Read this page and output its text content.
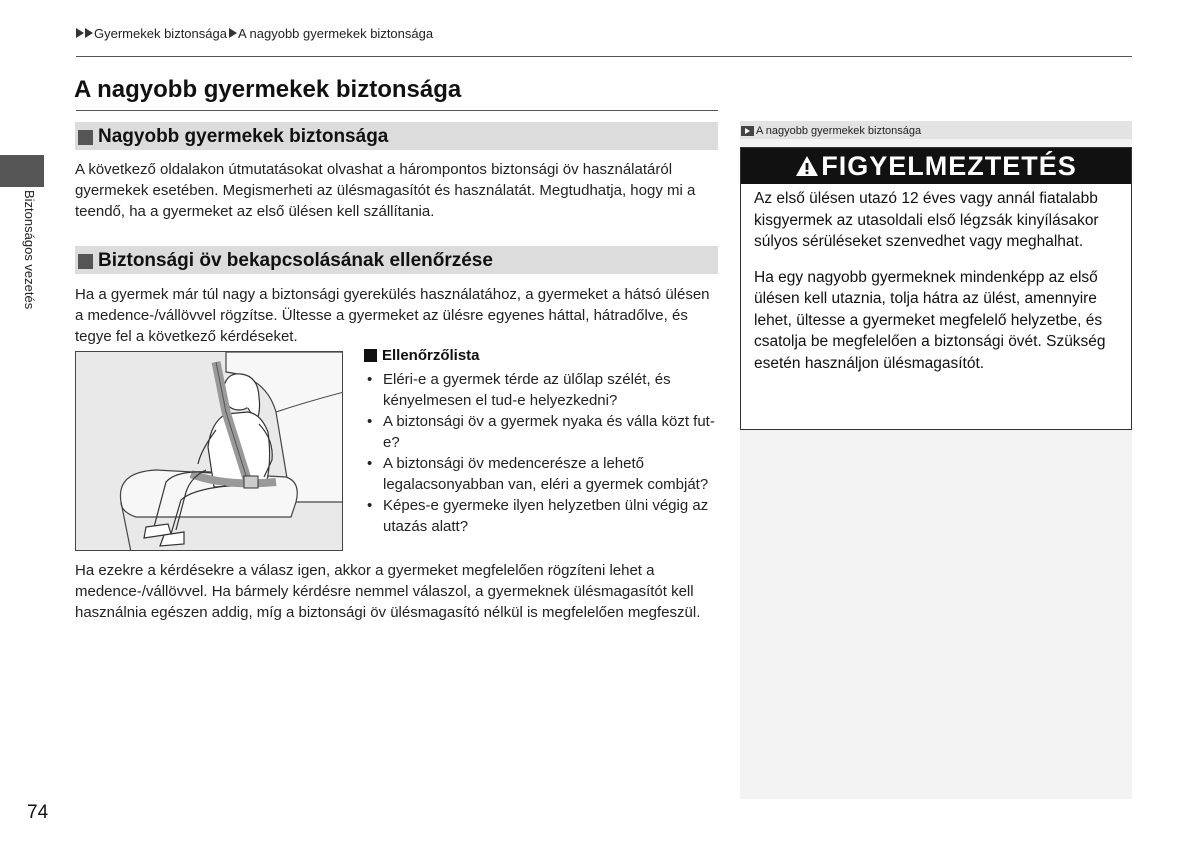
Gyermekek biztonsága A nagyobb gyermekek biztonsága
A nagyobb gyermekek biztonsága
Biztonságos vezetés
Nagyobb gyermekek biztonsága
A következő oldalakon útmutatásokat olvashat a hárompontos biztonsági öv használatáról gyermekek esetében. Megismerheti az ülésmagasítót és használatát. Megtudhatja, hogy mi a teendő, ha a gyermeket az első ülésen kell szállítania.
Biztonsági öv bekapcsolásának ellenőrzése
Ha a gyermek már túl nagy a biztonsági gyerekülés használatához, a gyermeket a hátsó ülésen a medence-/vállövvel rögzítse. Ültesse a gyermeket az ülésre egyenes háttal, hátradőlve, és tegye fel a következő kérdéseket.
Ellenőrzőlista
• Eléri-e a gyermek térde az ülőlap szélét, és kényelmesen el tud-e helyezkedni?
• A biztonsági öv a gyermek nyaka és válla közt fut-e?
• A biztonsági öv medencerésze a lehető legalacsonyabban van, eléri a gyermek combját?
• Képes-e gyermeke ilyen helyzetben ülni végig az utazás alatt?
Ha ezekre a kérdésekre a válasz igen, akkor a gyermeket megfelelően rögzíteni lehet a medence-/vállövvel. Ha bármely kérdésre nemmel válaszol, a gyermeknek ülésmagasítót kell használnia egészen addig, míg a biztonsági öv ülésmagasító nélkül is megfelelően megfeszül.
A nagyobb gyermekek biztonsága
FIGYELMEZTETÉS

Az első ülésen utazó 12 éves vagy annál fiatalabb kisgyermek az utasoldali első légzsák kinyílásakor súlyos sérüléseket szenvedhet vagy meghalhat.

Ha egy nagyobb gyermeknek mindenképp az első ülésen kell utaznia, tolja hátra az ülést, amennyire lehet, ültesse a gyermeket megfelelő helyzetbe, és csatolja be megfelelően a biztonsági övét. Szükség esetén használjon ülésmagasítót.

74
